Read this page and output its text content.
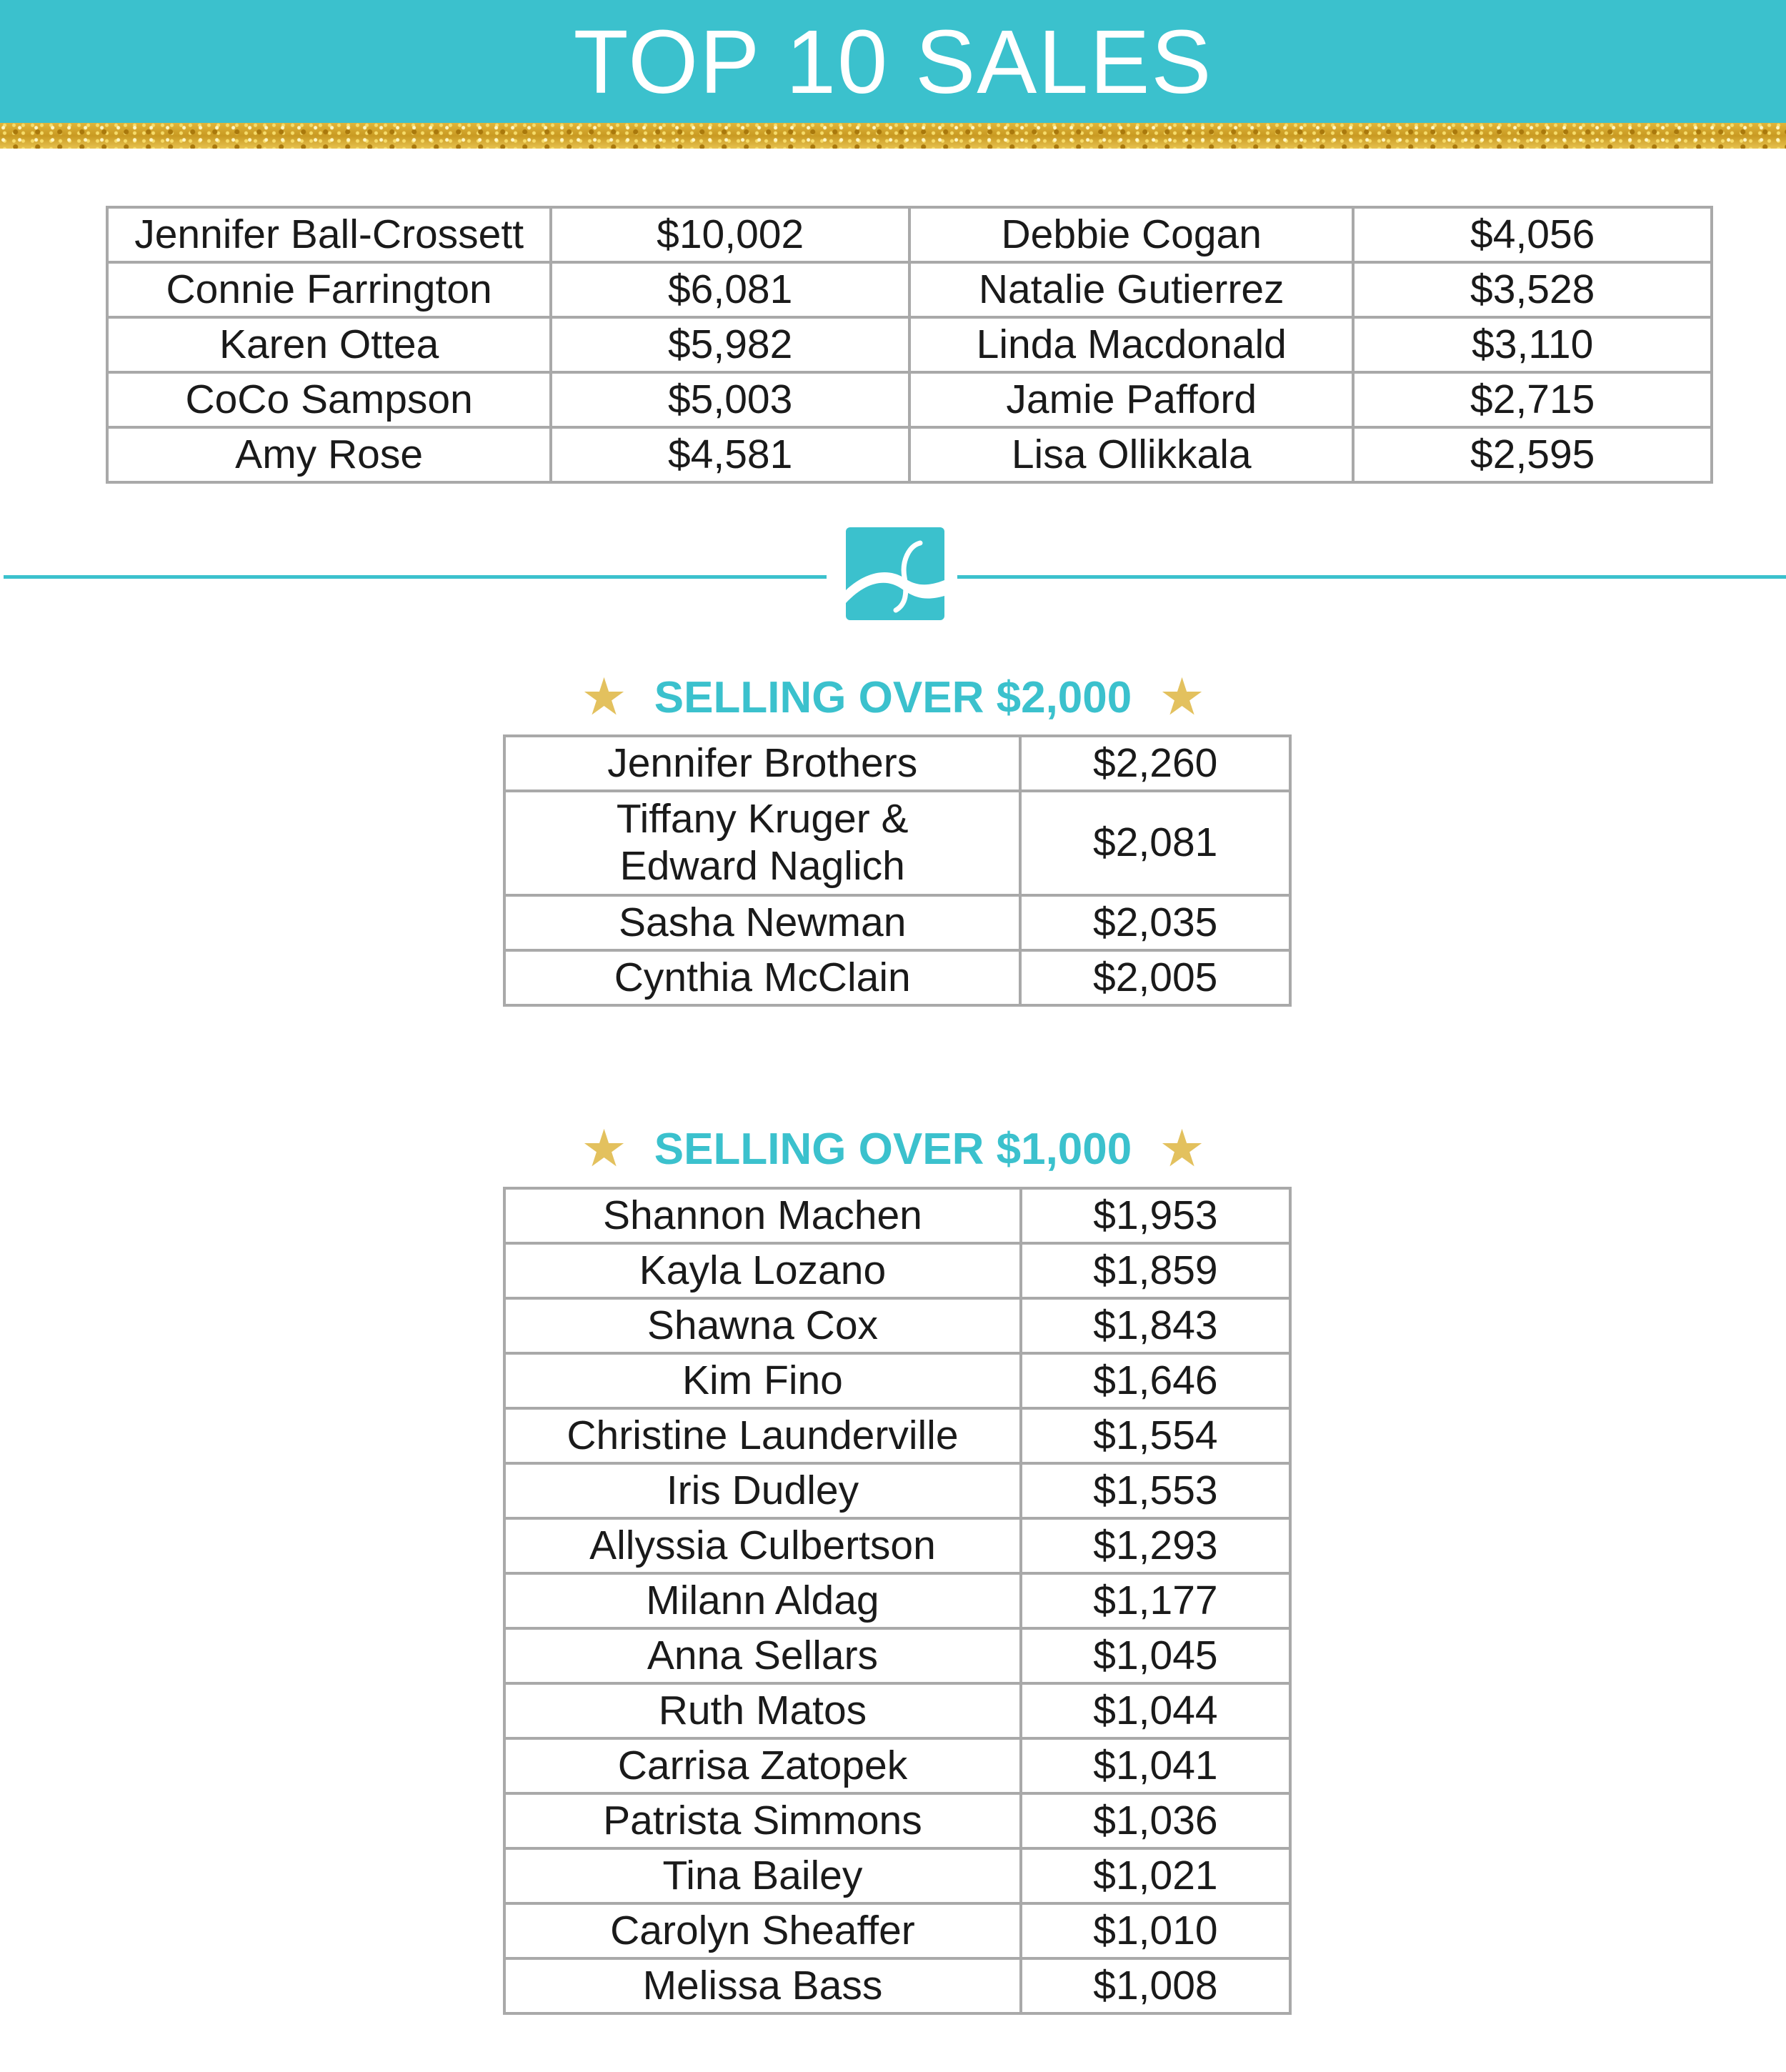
TOP 10 SALES
Jennifer Ball-Crossett	$10,002	Debbie Cogan	$4,056
Connie Farrington	$6,081	Natalie Gutierrez	$3,528
Karen Ottea	$5,982	Linda Macdonald	$3,110
CoCo Sampson	$5,003	Jamie Pafford	$2,715
Amy Rose	$4,581	Lisa Ollikkala	$2,595
★ SELLING OVER $2,000 ★
Jennifer Brothers	$2,260

Tiffany Kruger &
Edward Naglich	$2,081
Sasha Newman	$2,035
Cynthia McClain	$2,005
★ SELLING OVER $1,000 ★
Shannon Machen	$1,953
Kayla Lozano	$1,859
Shawna Cox	$1,843
Kim Fino	$1,646
Christine Launderville	$1,554
Iris Dudley	$1,553
Allyssia Culbertson	$1,293
Milann Aldag	$1,177
Anna Sellars	$1,045
Ruth Matos	$1,044
Carrisa Zatopek	$1,041
Patrista Simmons	$1,036
Tina Bailey	$1,021
Carolyn Sheaffer	$1,010
Melissa Bass	$1,008
